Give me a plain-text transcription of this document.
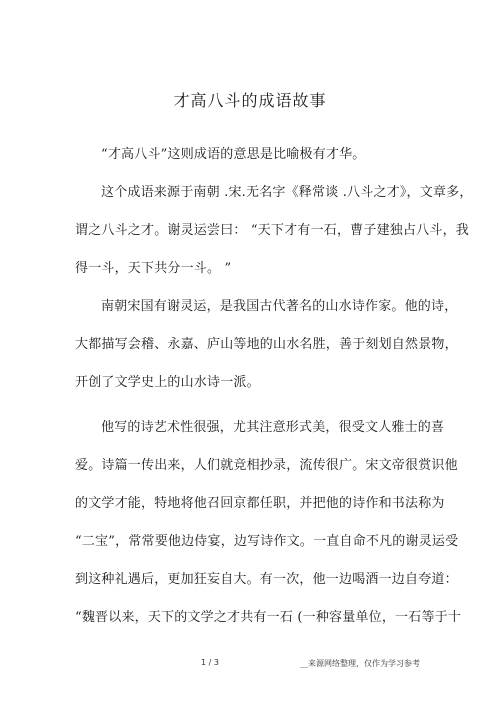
才高八斗的成语故事
“才高八斗”这则成语的意思是比喻极有才华。
这个成语来源于南朝 .宋.无名字《释常谈 .八斗之才》，文章多，
谓之八斗之才。谢灵运尝曰： “天下才有一石，曹子建独占八斗，我
得一斗，天下共分一斗。 ”
南朝宋国有谢灵运，是我国古代著名的山水诗作家。他的诗，
大都描写会稽、永嘉、庐山等地的山水名胜，善于刻划自然景物，
开创了文学史上的山水诗一派。
他写的诗艺术性很强，尤其注意形式美，很受文人雅士的喜
爱。诗篇一传出来，人们就竞相抄录，流传很广。宋文帝很赏识他
的文学才能，特地将他召回京都任职，并把他的诗作和书法称为
“二宝”，常常要他边侍宴，边写诗作文。一直自命不凡的谢灵运受
到这种礼遇后，更加狂妄自大。有一次，他一边喝酒一边自夸道：
“魏晋以来，天下的文学之才共有一石 (一种容量单位，一石等于十
1 / 3	__来源网络整理，仅作为学习参考
